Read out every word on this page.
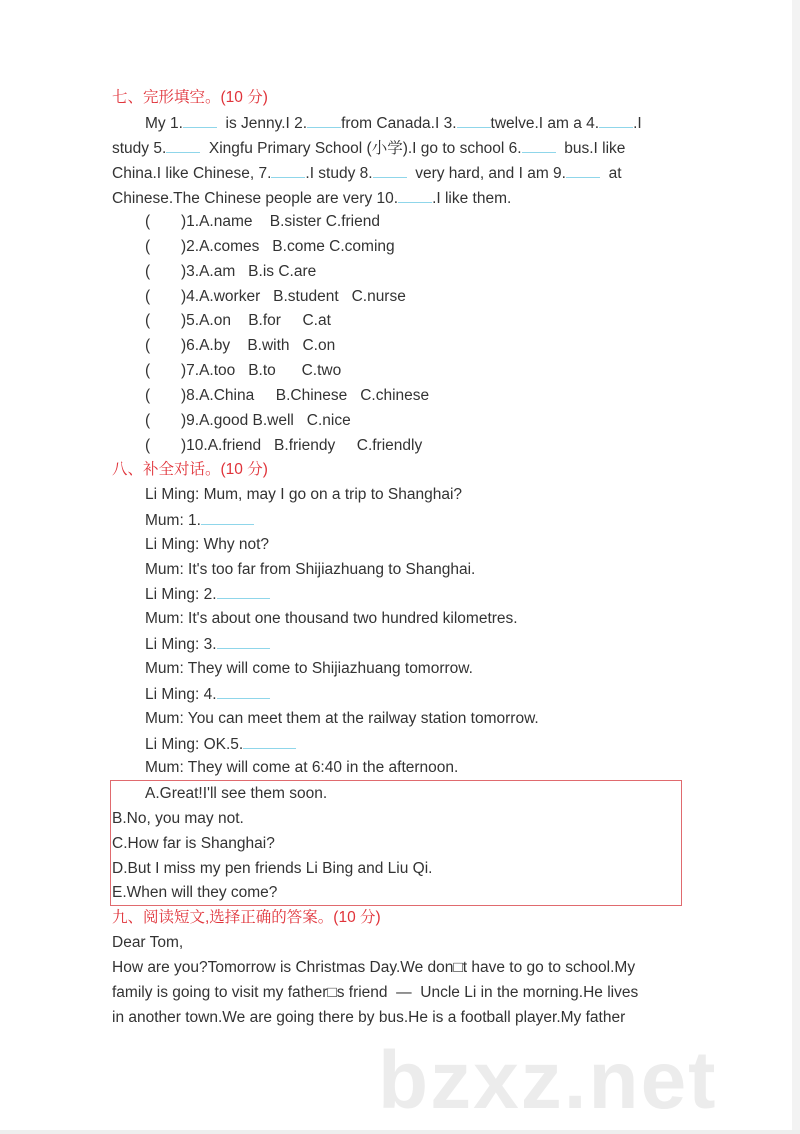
bzxz.net
七、完形填空。(10 分)
八、补全对话。(10 分)
九、阅读短文,选择正确的答案。(10 分)
My 1.  is Jenny.I 2. from Canada.I 3. twelve.I am a 4. .I
study 5.  Xingfu Primary School (小学).I go to school 6.  bus.I like
China.I like Chinese, 7. .I study 8.  very hard, and I am 9.  at
Chinese.The Chinese people are very 10. .I like them.
( )1.A.name    B.sister C.friend
( )2.A.comes   B.come C.coming
( )3.A.am   B.is C.are
( )4.A.worker   B.student   C.nurse
( )5.A.on    B.for     C.at
( )6.A.by    B.with   C.on
( )7.A.too   B.to      C.two
( )8.A.China     B.Chinese   C.chinese
( )9.A.good B.well   C.nice
( )10.A.friend   B.friendy     C.friendly
Li Ming: Mum, may I go on a trip to Shanghai?
Mum: 1.
Li Ming: Why not?
Mum: It's too far from Shijiazhuang to Shanghai.
Li Ming: 2.
Mum: It's about one thousand two hundred kilometres.
Li Ming: 3.
Mum: They will come to Shijiazhuang tomorrow.
Li Ming: 4.
Mum: You can meet them at the railway station tomorrow.
Li Ming: OK.5.
Mum: They will come at 6:40 in the afternoon.
A.Great!I'll see them soon.
B.No, you may not.
C.How far is Shanghai?
D.But I miss my pen friends Li Bing and Liu Qi.
E.When will they come?
Dear Tom,
How are you?Tomorrow is Christmas Day.We don□t have to go to school.My
family is going to visit my father□s friend  —  Uncle Li in the morning.He lives
in another town.We are going there by bus.He is a football player.My father
